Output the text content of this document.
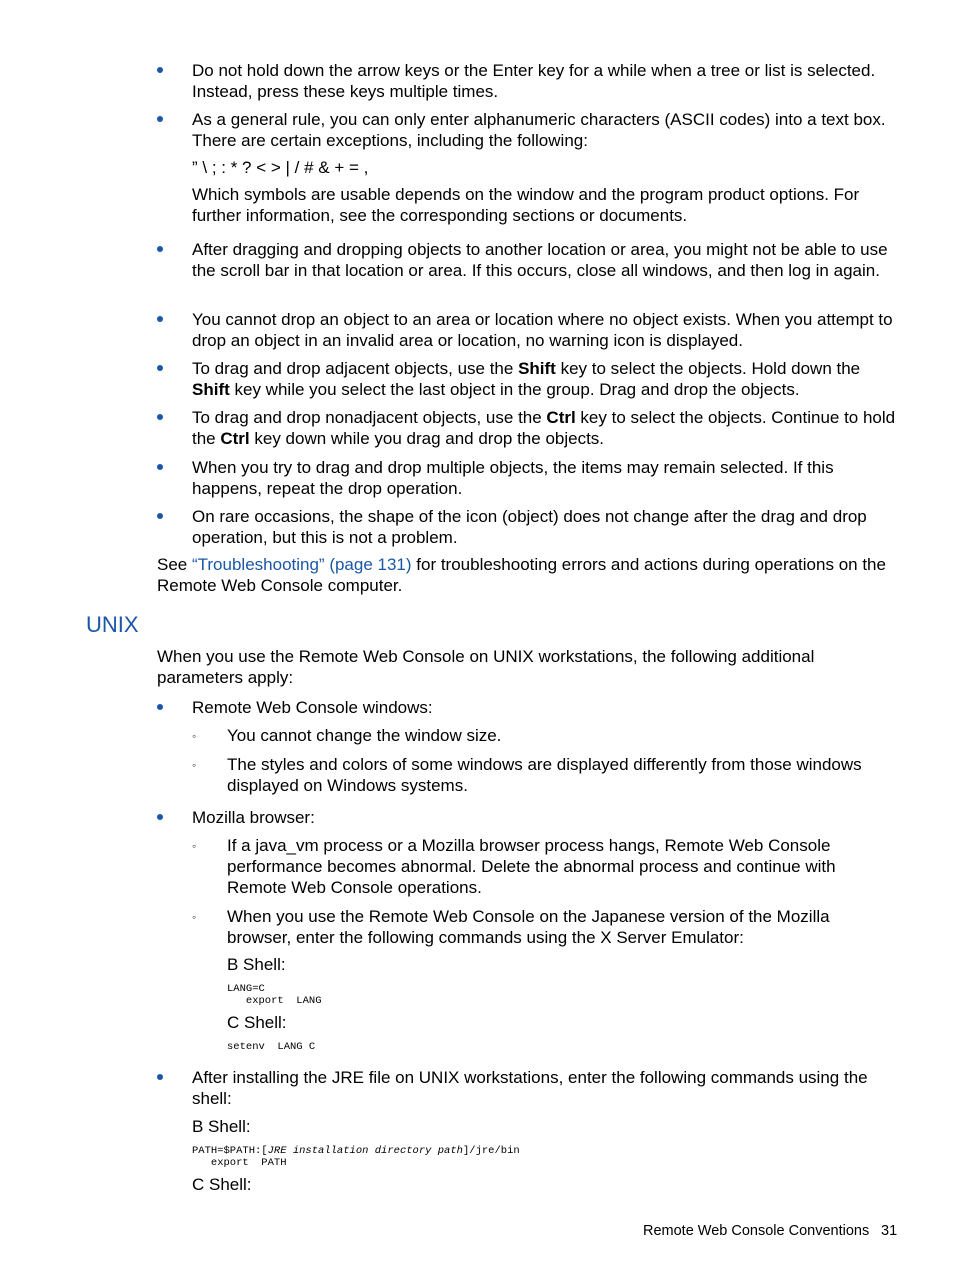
Do not hold down the arrow keys or the Enter key for a while when a tree or list is selected. Instead, press these keys multiple times.

As a general rule, you can only enter alphanumeric characters (ASCII codes) into a text box. There are certain exceptions, including the following:

” \ ; : * ? < > | / # & + = ,

Which symbols are usable depends on the window and the program product options. For further information, see the corresponding sections or documents.

After dragging and dropping objects to another location or area, you might not be able to use the scroll bar in that location or area. If this occurs, close all windows, and then log in again.

You cannot drop an object to an area or location where no object exists. When you attempt to drop an object in an invalid area or location, no warning icon is displayed.

To drag and drop adjacent objects, use the Shift key to select the objects. Hold down the Shift key while you select the last object in the group. Drag and drop the objects.

To drag and drop nonadjacent objects, use the Ctrl key to select the objects. Continue to hold the Ctrl key down while you drag and drop the objects.

When you try to drag and drop multiple objects, the items may remain selected. If this happens, repeat the drop operation.

On rare occasions, the shape of the icon (object) does not change after the drag and drop operation, but this is not a problem.

See “Troubleshooting” (page 131) for troubleshooting errors and actions during operations on the Remote Web Console computer.

UNIX

When you use the Remote Web Console on UNIX workstations, the following additional parameters apply:

Remote Web Console windows:

◦ You cannot change the window size.
◦ The styles and colors of some windows are displayed differently from those windows displayed on Windows systems.

Mozilla browser:

◦ If a java_vm process or a Mozilla browser process hangs, Remote Web Console performance becomes abnormal. Delete the abnormal process and continue with Remote Web Console operations.
◦ When you use the Remote Web Console on the Japanese version of the Mozilla browser, enter the following commands using the X Server Emulator:

B Shell:

LANG=C
export  LANG

C Shell:

setenv  LANG C

After installing the JRE file on UNIX workstations, enter the following commands using the shell:

B Shell:

PATH=$PATH:[JRE installation directory path]/jre/bin
export  PATH

C Shell:

Remote Web Console Conventions 31
